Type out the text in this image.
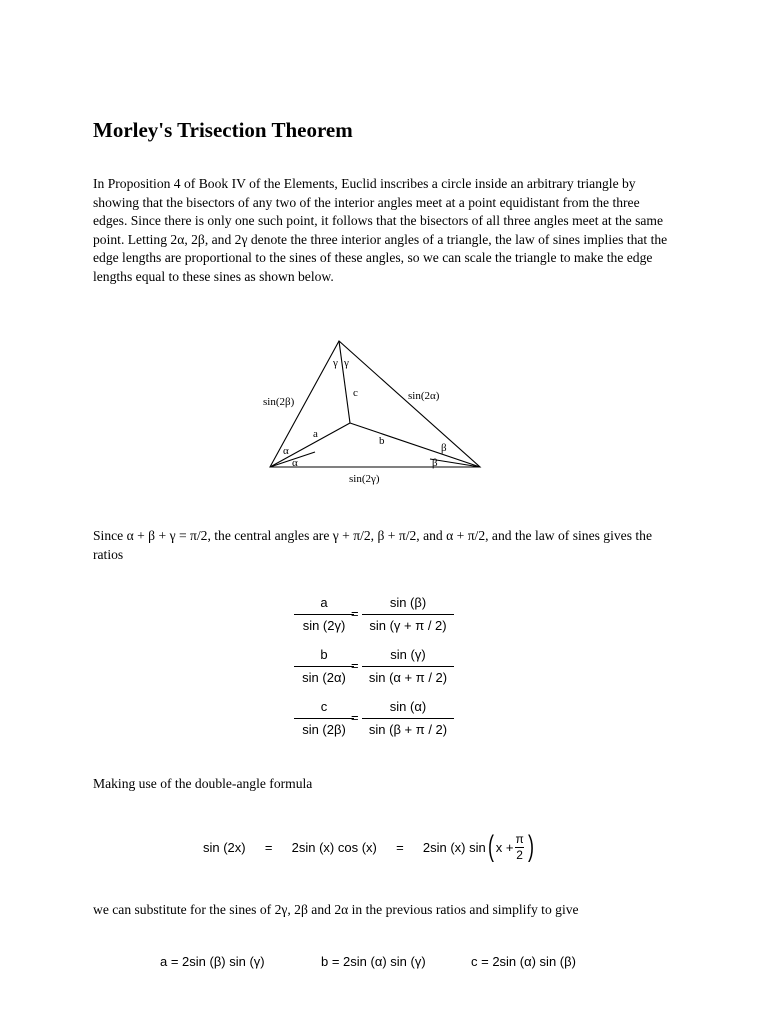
Morley's Trisection Theorem

In Proposition 4 of Book IV of the Elements, Euclid inscribes a circle inside an arbitrary triangle by showing that the bisectors of any two of the interior angles meet at a point equidistant from the three edges. Since there is only one such point, it follows that the bisectors of all three angles meet at the same point. Letting 2α, 2β, and 2γ denote the three interior angles of a triangle, the law of sines implies that the edge lengths are proportional to the sines of these angles, so we can scale the triangle to make the edge lengths equal to these sines as shown below.

γ γ
c
sin(2β)	sin(2α)
a
b
α
α
β
β
sin(2γ)

Since α + β + γ = π/2, the central angles are γ + π/2, β + π/2, and α + π/2, and the law of sines gives the ratios

a
sin (2γ)
=
sin (β)
sin (γ + π / 2)
b
sin (2α)
=
sin (γ)
sin (α + π / 2)
c
sin (2β)
=
sin (α)
sin (β + π / 2)

Making use of the double-angle formula

sin (2x)	=	2sin (x) cos (x)	=	2sin (x) sin ( $x + \frac{\pi}{2}$ )

we can substitute for the sines of 2γ, 2β and 2α in the previous ratios and simplify to give

a = 2sin (β) sin (γ)	b = 2sin (α) sin (γ)	c = 2sin (α) sin (β)
